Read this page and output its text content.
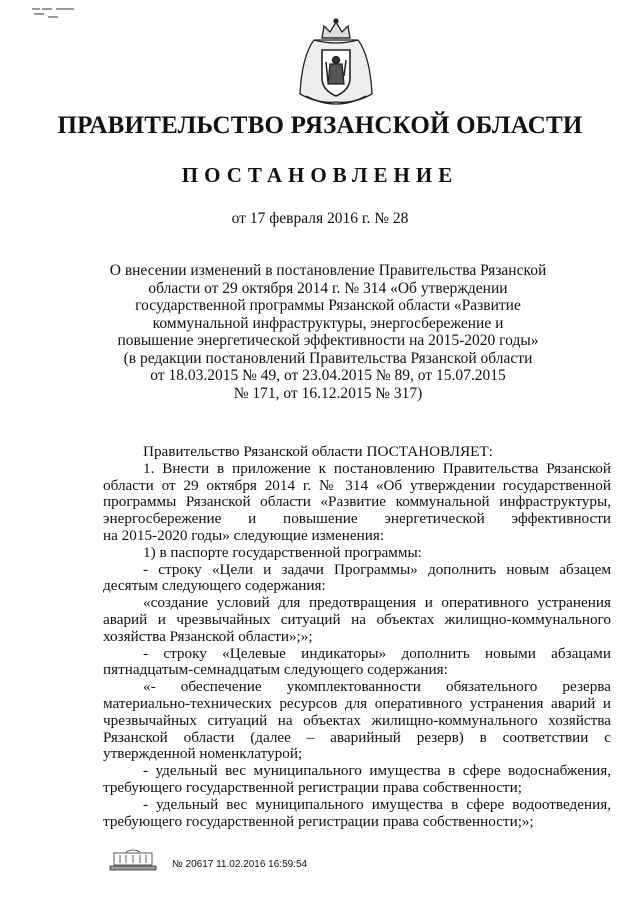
ПРАВИТЕЛЬСТВО РЯЗАНСКОЙ ОБЛАСТИ
ПОСТАНОВЛЕНИЕ
от 17 февраля 2016 г. № 28
О внесении изменений в постановление Правительства Рязанской
области от 29 октября 2014 г. № 314 «Об утверждении
государственной программы Рязанской области «Развитие
коммунальной инфраструктуры, энергосбережение и
повышение энергетической эффективности на 2015-2020 годы»
(в редакции постановлений Правительства Рязанской области
от 18.03.2015 № 49, от 23.04.2015 № 89, от 15.07.2015
№ 171, от 16.12.2015 № 317)
Правительство Рязанской области ПОСТАНОВЛЯЕТ:
1. Внести в приложение к постановлению Правительства Рязанской
области от 29 октября 2014 г. № 314 «Об утверждении государственной
программы Рязанской области «Развитие коммунальной инфраструктуры,
энергосбережение и повышение энергетической эффективности
на 2015-2020 годы» следующие изменения:
1) в паспорте государственной программы:
- строку «Цели и задачи Программы» дополнить новым абзацем
десятым следующего содержания:
«создание условий для предотвращения и оперативного устранения
аварий и чрезвычайных ситуаций на объектах жилищно-коммунального
хозяйства Рязанской области»;»;
- строку «Целевые индикаторы» дополнить новыми абзацами
пятнадцатым-семнадцатым следующего содержания:
«- обеспечение укомплектованности обязательного резерва
материально-технических ресурсов для оперативного устранения аварий и
чрезвычайных ситуаций на объектах жилищно-коммунального хозяйства
Рязанской области (далее – аварийный резерв) в соответствии с
утвержденной номенклатурой;
- удельный вес муниципального имущества в сфере водоснабжения,
требующего государственной регистрации права собственности;
- удельный вес муниципального имущества в сфере водоотведения,
требующего государственной регистрации права собственности;»;
№ 20617 11.02.2016 16:59:54
